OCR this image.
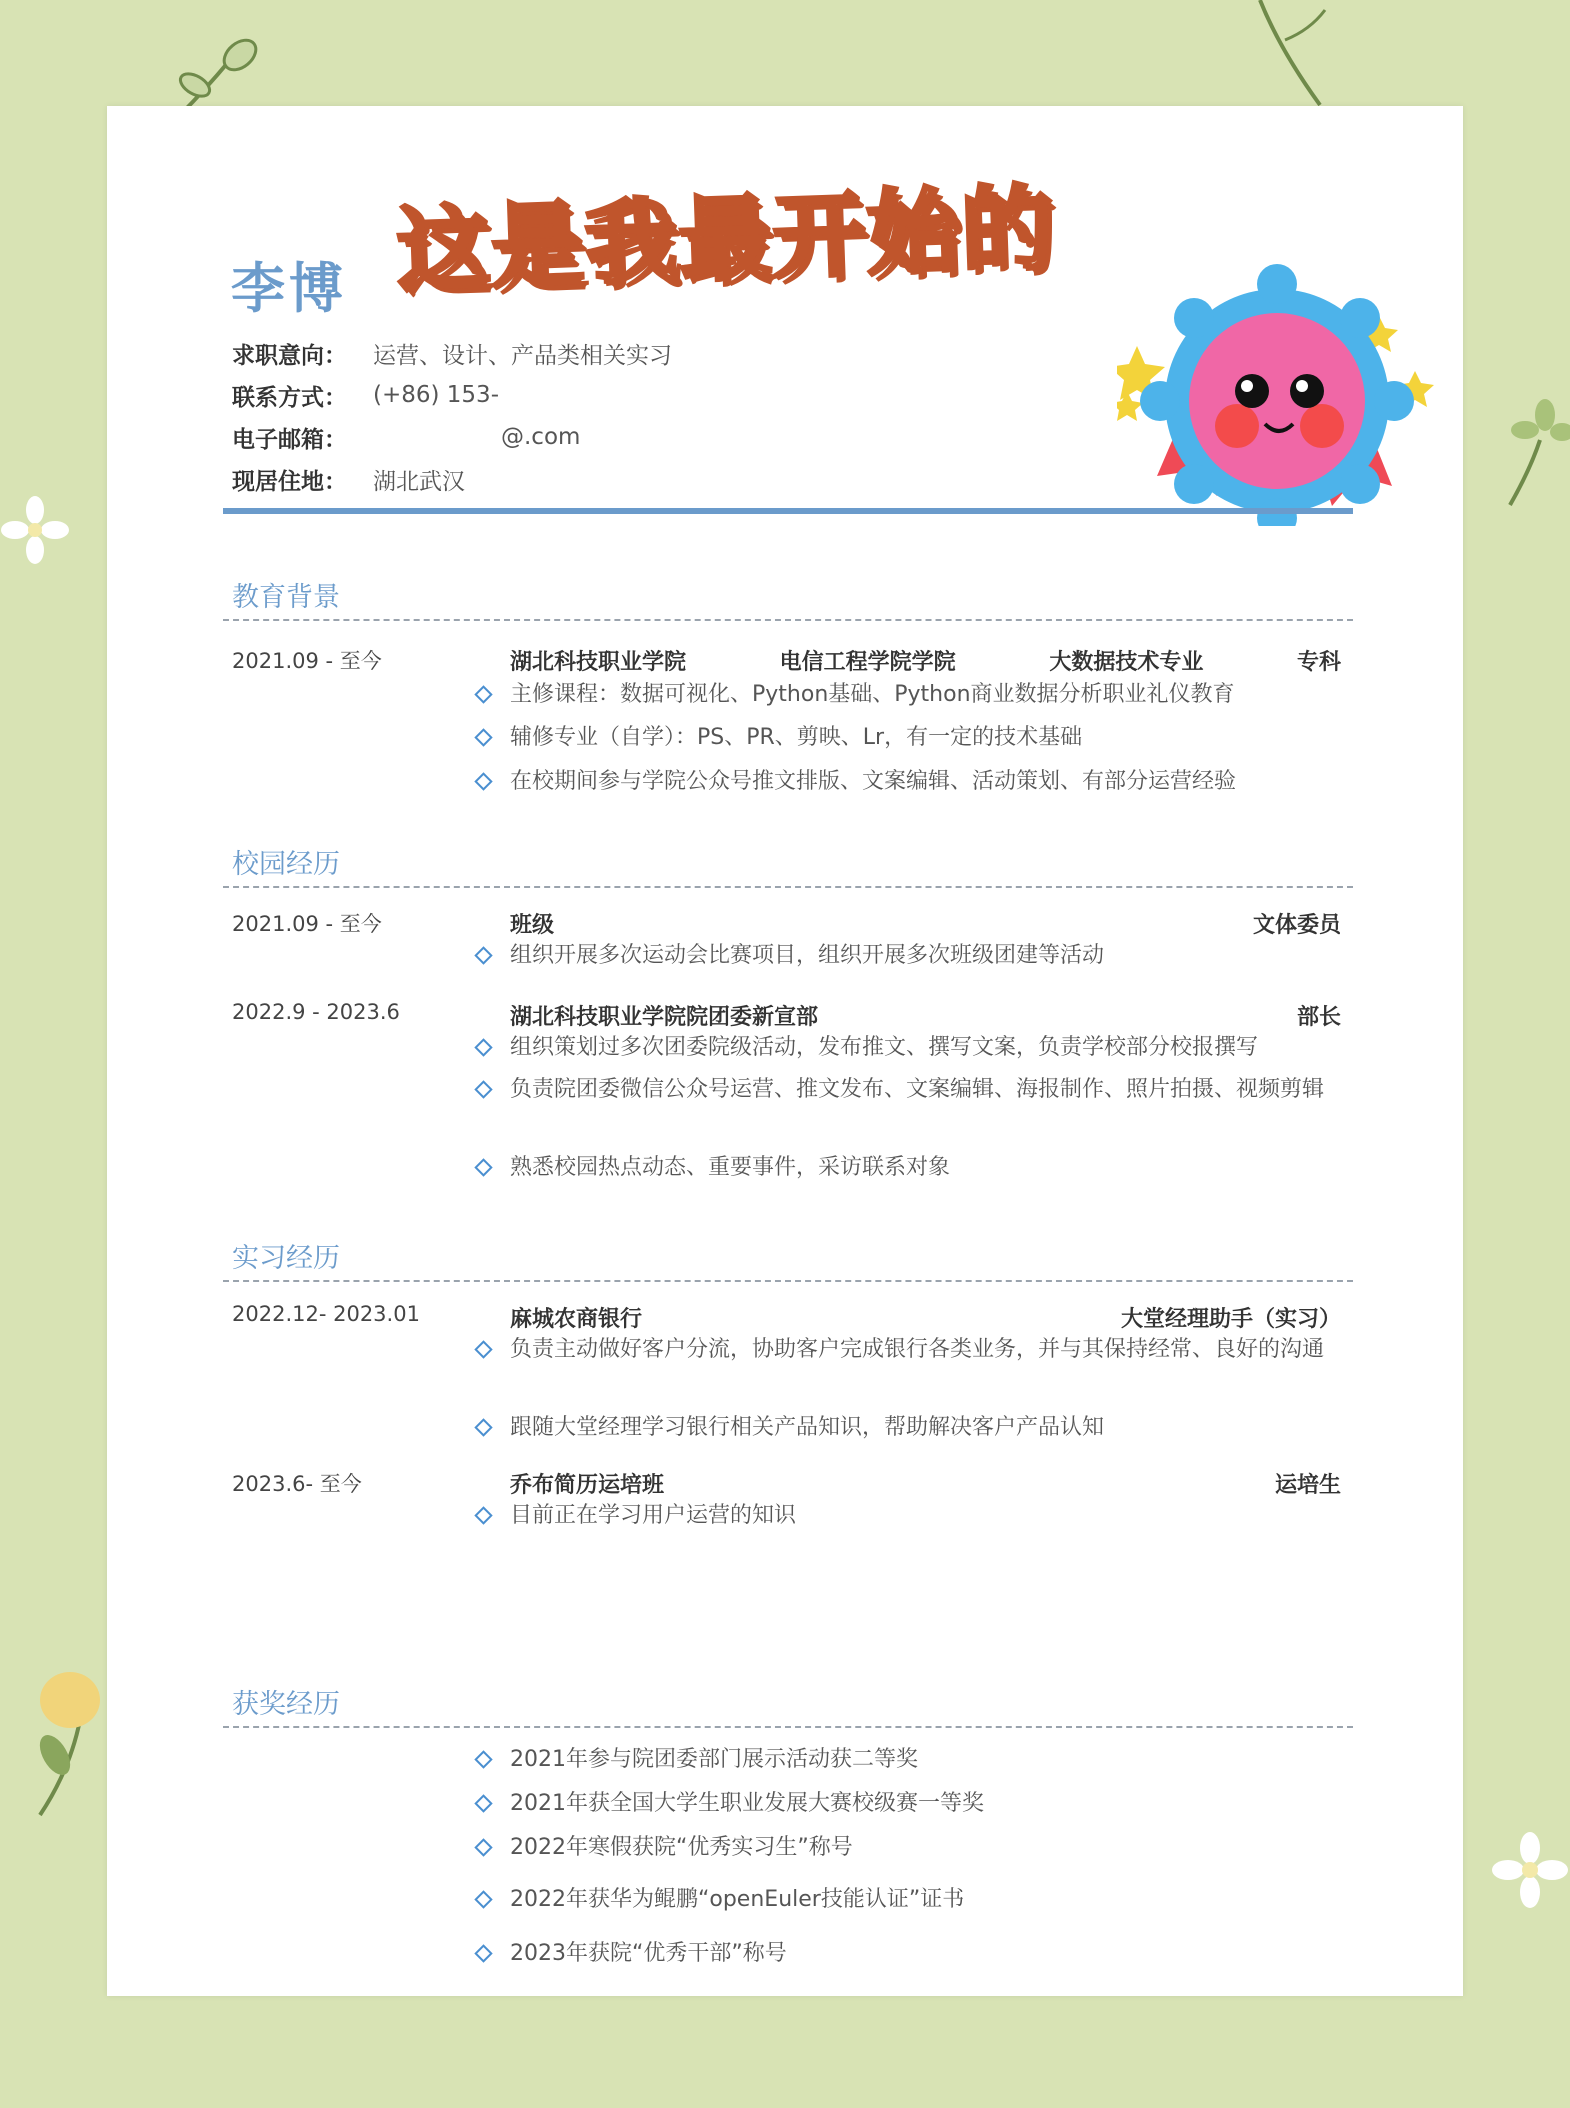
这是我最开始的
李博
求职意向：	运营、设计、产品类相关实习
联系方式：	(+86) 153-
电子邮箱：	@.com
现居住地：	湖北武汉
教育背景
2021.09 - 至今	湖北科技职业学院	电信工程学院学院	大数据技术专业	专科
主修课程：数据可视化、Python基础、Python商业数据分析职业礼仪教育
辅修专业（自学）：PS、PR、剪映、Lr，有一定的技术基础
在校期间参与学院公众号推文排版、文案编辑、活动策划、有部分运营经验
校园经历
2021.09 - 至今	班级	文体委员
组织开展多次运动会比赛项目，组织开展多次班级团建等活动
2022.9 - 2023.6	湖北科技职业学院院团委新宣部	部长
组织策划过多次团委院级活动，发布推文、撰写文案，负责学校部分校报撰写
负责院团委微信公众号运营、推文发布、文案编辑、海报制作、照片拍摄、视频剪辑
熟悉校园热点动态、重要事件，采访联系对象
实习经历
2022.12- 2023.01	麻城农商银行	大堂经理助手（实习）
负责主动做好客户分流，协助客户完成银行各类业务，并与其保持经常、良好的沟通
跟随大堂经理学习银行相关产品知识，帮助解决客户产品认知
2023.6- 至今	乔布简历运培班	运培生
目前正在学习用户运营的知识
获奖经历
2021年参与院团委部门展示活动获二等奖
2021年获全国大学生职业发展大赛校级赛一等奖
2022年寒假获院“优秀实习生”称号
2022年获华为鲲鹏“openEuler技能认证”证书
2023年获院“优秀干部”称号
